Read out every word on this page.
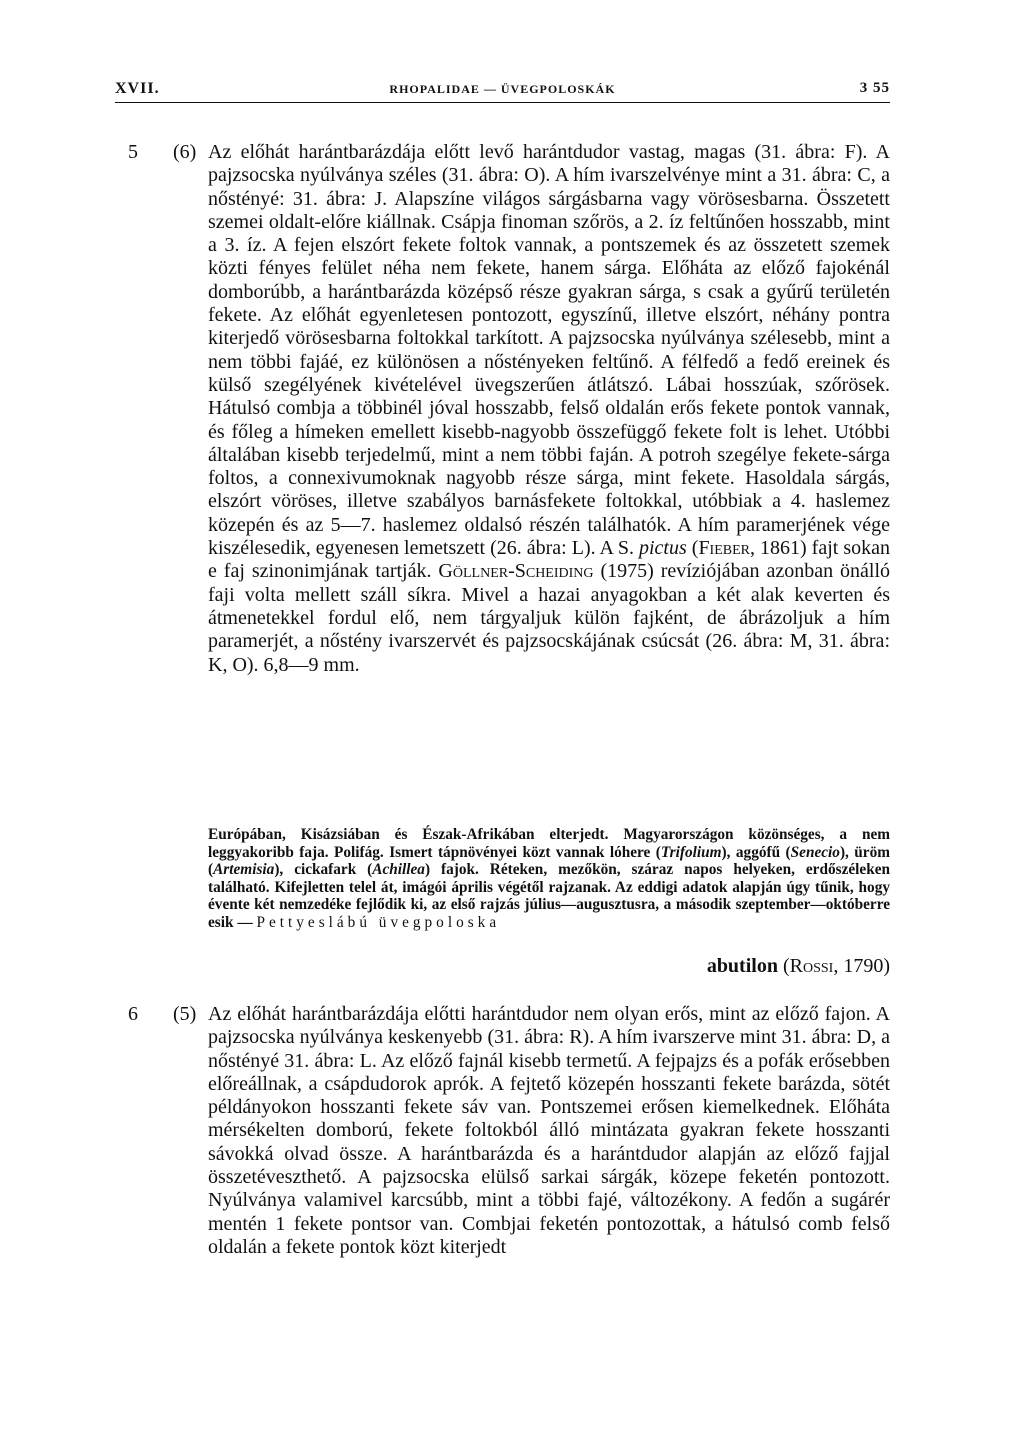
XVII.	RHOPALIDAE — ÜVEGPOLOSKÁK	3 55
5 (6) Az előhát harántbarázdája előtt levő harántdudor vastag, magas (31. ábra: F). A pajzsocska nyúlványa széles (31. ábra: O). A hím ivarszelvénye mint a 31. ábra: C, a nőstényé: 31. ábra: J. Alapszíne világos sárgásbarna vagy vörösesbarna. Összetett szemei oldalt-előre kiállnak. Csápja finoman szőrös, a 2. íz feltűnően hosszabb, mint a 3. íz. A fejen elszórt fekete foltok vannak, a pontszemek és az összetett szemek közti fényes felület néha nem fekete, hanem sárga. Előháta az előző fajokénál domborúbb, a harántbarázda középső része gyakran sárga, s csak a gyűrű területén fekete. Az előhát egyenletesen pontozott, egyszínű, illetve elszórt, néhány pontra kiterjedő vörösesbarna foltokkal tarkított. A pajzsocska nyúlványa szélesebb, mint a nem többi fajáé, ez különösen a nőstényeken feltűnő. A félfedő a fedő ereinek és külső szegélyének kivételével üvegszerűen átlátszó. Lábai hosszúak, szőrösek. Hátulsó combja a többinél jóval hosszabb, felső oldalán erős fekete pontok vannak, és főleg a hímeken emellett kisebb-nagyobb összefüggő fekete folt is lehet. Utóbbi általában kisebb terjedelmű, mint a nem többi faján. A potroh szegélye fekete-sárga foltos, a connexivumoknak nagyobb része sárga, mint fekete. Hasoldala sárgás, elszórt vöröses, illetve szabályos barnásfekete foltokkal, utóbbiak a 4. haslemez közepén és az 5—7. haslemez oldalsó részén találhatók. A hím paramerjének vége kiszélesedik, egyenesen lemetszett (26. ábra: L). A S. pictus (Fieber, 1861) fajt sokan e faj szinonimjának tartják. Göllner-Scheiding (1975) revíziójában azonban önálló faji volta mellett száll síkra. Mivel a hazai anyagokban a két alak keverten és átmenetekkel fordul elő, nem tárgyaljuk külön fajként, de ábrázoljuk a hím paramerjét, a nőstény ivarszervét és pajzsocskájának csúcsát (26. ábra: M, 31. ábra: K, O). 6,8—9 mm.

Európában, Kisázsiában és Észak-Afrikában elterjedt. Magyarországon közönséges, a nem leggyakoribb faja. Polifág. Ismert tápnövényei közt vannak lóhere (Trifolium), aggófű (Senecio), üröm (Artemisia), cickafark (Achillea) fajok. Réteken, mezőkön, száraz napos helyeken, erdőszéleken található. Kifejletten telel át, imágói április végétől rajzanak. Az eddigi adatok alapján úgy tűnik, hogy évente két nemzedéke fejlődik ki, az első rajzás július—augusztusra, a második szeptember—októberre esik — Pettyeslábú üvegpoloska

abutilon (Rossi, 1790)
6 (5) Az előhát harántbarázdája előtti harántdudor nem olyan erős, mint az előző fajon. A pajzsocska nyúlványa keskenyebb (31. ábra: R). A hím ivarszerve mint 31. ábra: D, a nőstényé 31. ábra: L. Az előző fajnál kisebb termetű. A fejpajzs és a pofák erősebben előreállnak, a csápdudorok aprók. A fejtető közepén hosszanti fekete barázda, sötét példányokon hosszanti fekete sáv van. Pontszemei erősen kiemelkednek. Előháta mérsékelten domború, fekete foltokból álló mintázata gyakran fekete hosszanti sávokká olvad össze. A harántbarázda és a harántdudor alapján az előző fajjal összetéveszthető. A pajzsocska elülső sarkai sárgák, közepe feketén pontozott. Nyúlványa valamivel karcsúbb, mint a többi fajé, változékony. A fedőn a sugárér mentén 1 fekete pontsor van. Combjai feketén pontozottak, a hátulsó comb felső oldalán a fekete pontok közt kiterjedt
